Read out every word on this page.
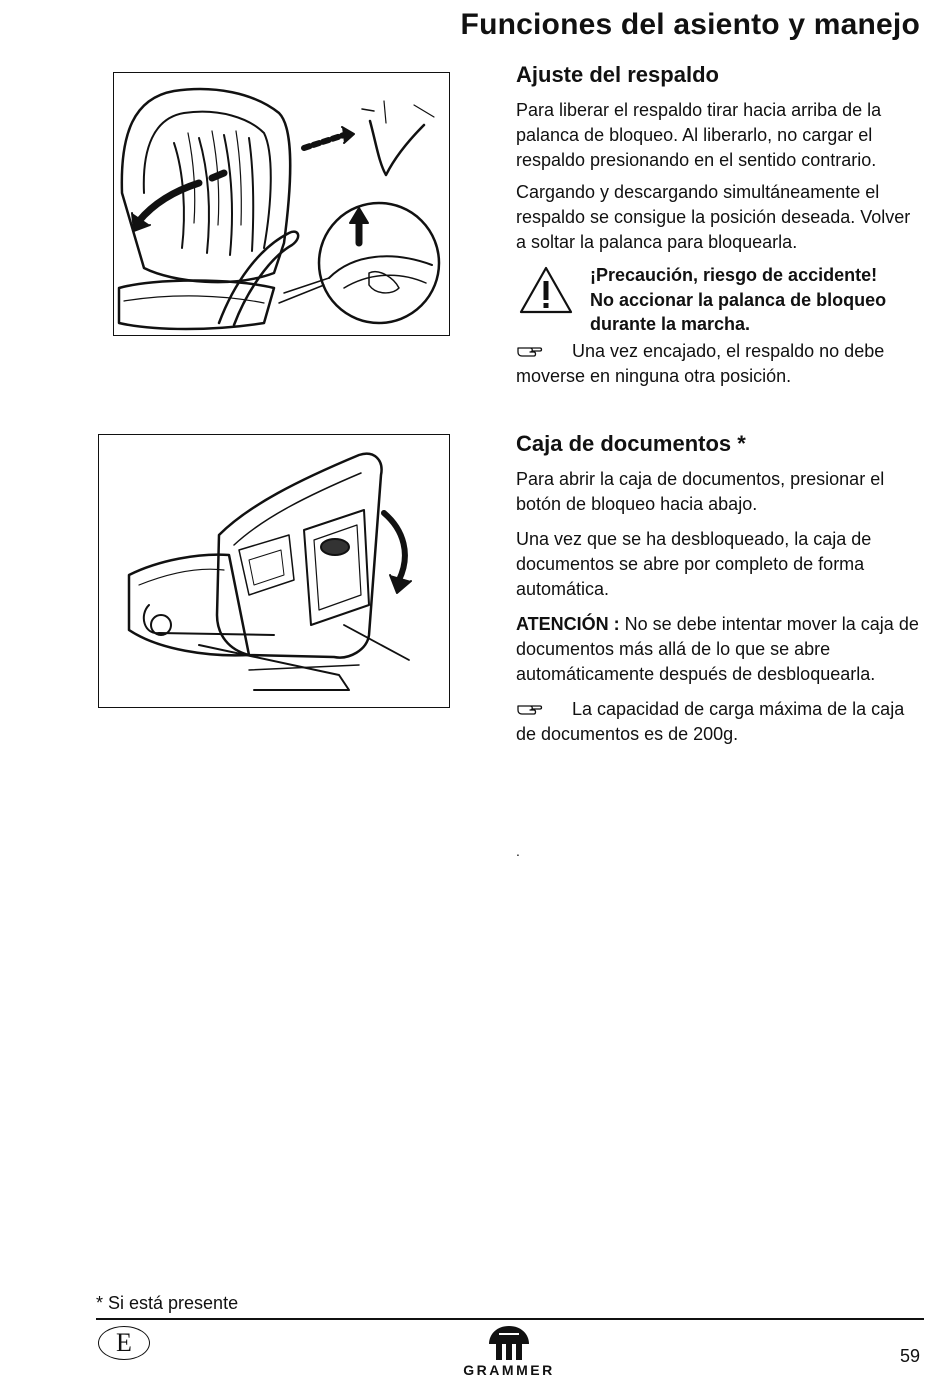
Funciones del asiento y manejo
Ajuste del respaldo

Para liberar el respaldo tirar hacia arriba de la palanca de bloqueo. Al liberarlo, no cargar el respaldo presionando en el sentido contrario.

Cargando y descargando simultáneamente el respaldo se consigue la posición deseada. Volver a soltar la palanca para bloquearla.

¡Precaución, riesgo de accidente!
No accionar la palanca de bloqueo durante la marcha.

Una vez encajado, el respaldo no debe moverse en ninguna otra posición.

Caja de documentos *

Para abrir la caja de documentos, presionar el botón de bloqueo hacia abajo.

Una vez que se ha desbloqueado, la caja de documentos se abre por completo de forma automática.

ATENCIÓN : No se debe intentar mover la caja de documentos más allá de lo que se abre automáticamente después de desbloquearla.

La capacidad de carga máxima de la caja de documentos es de 200g.

.
* Si está presente
E
GRAMMER
59
